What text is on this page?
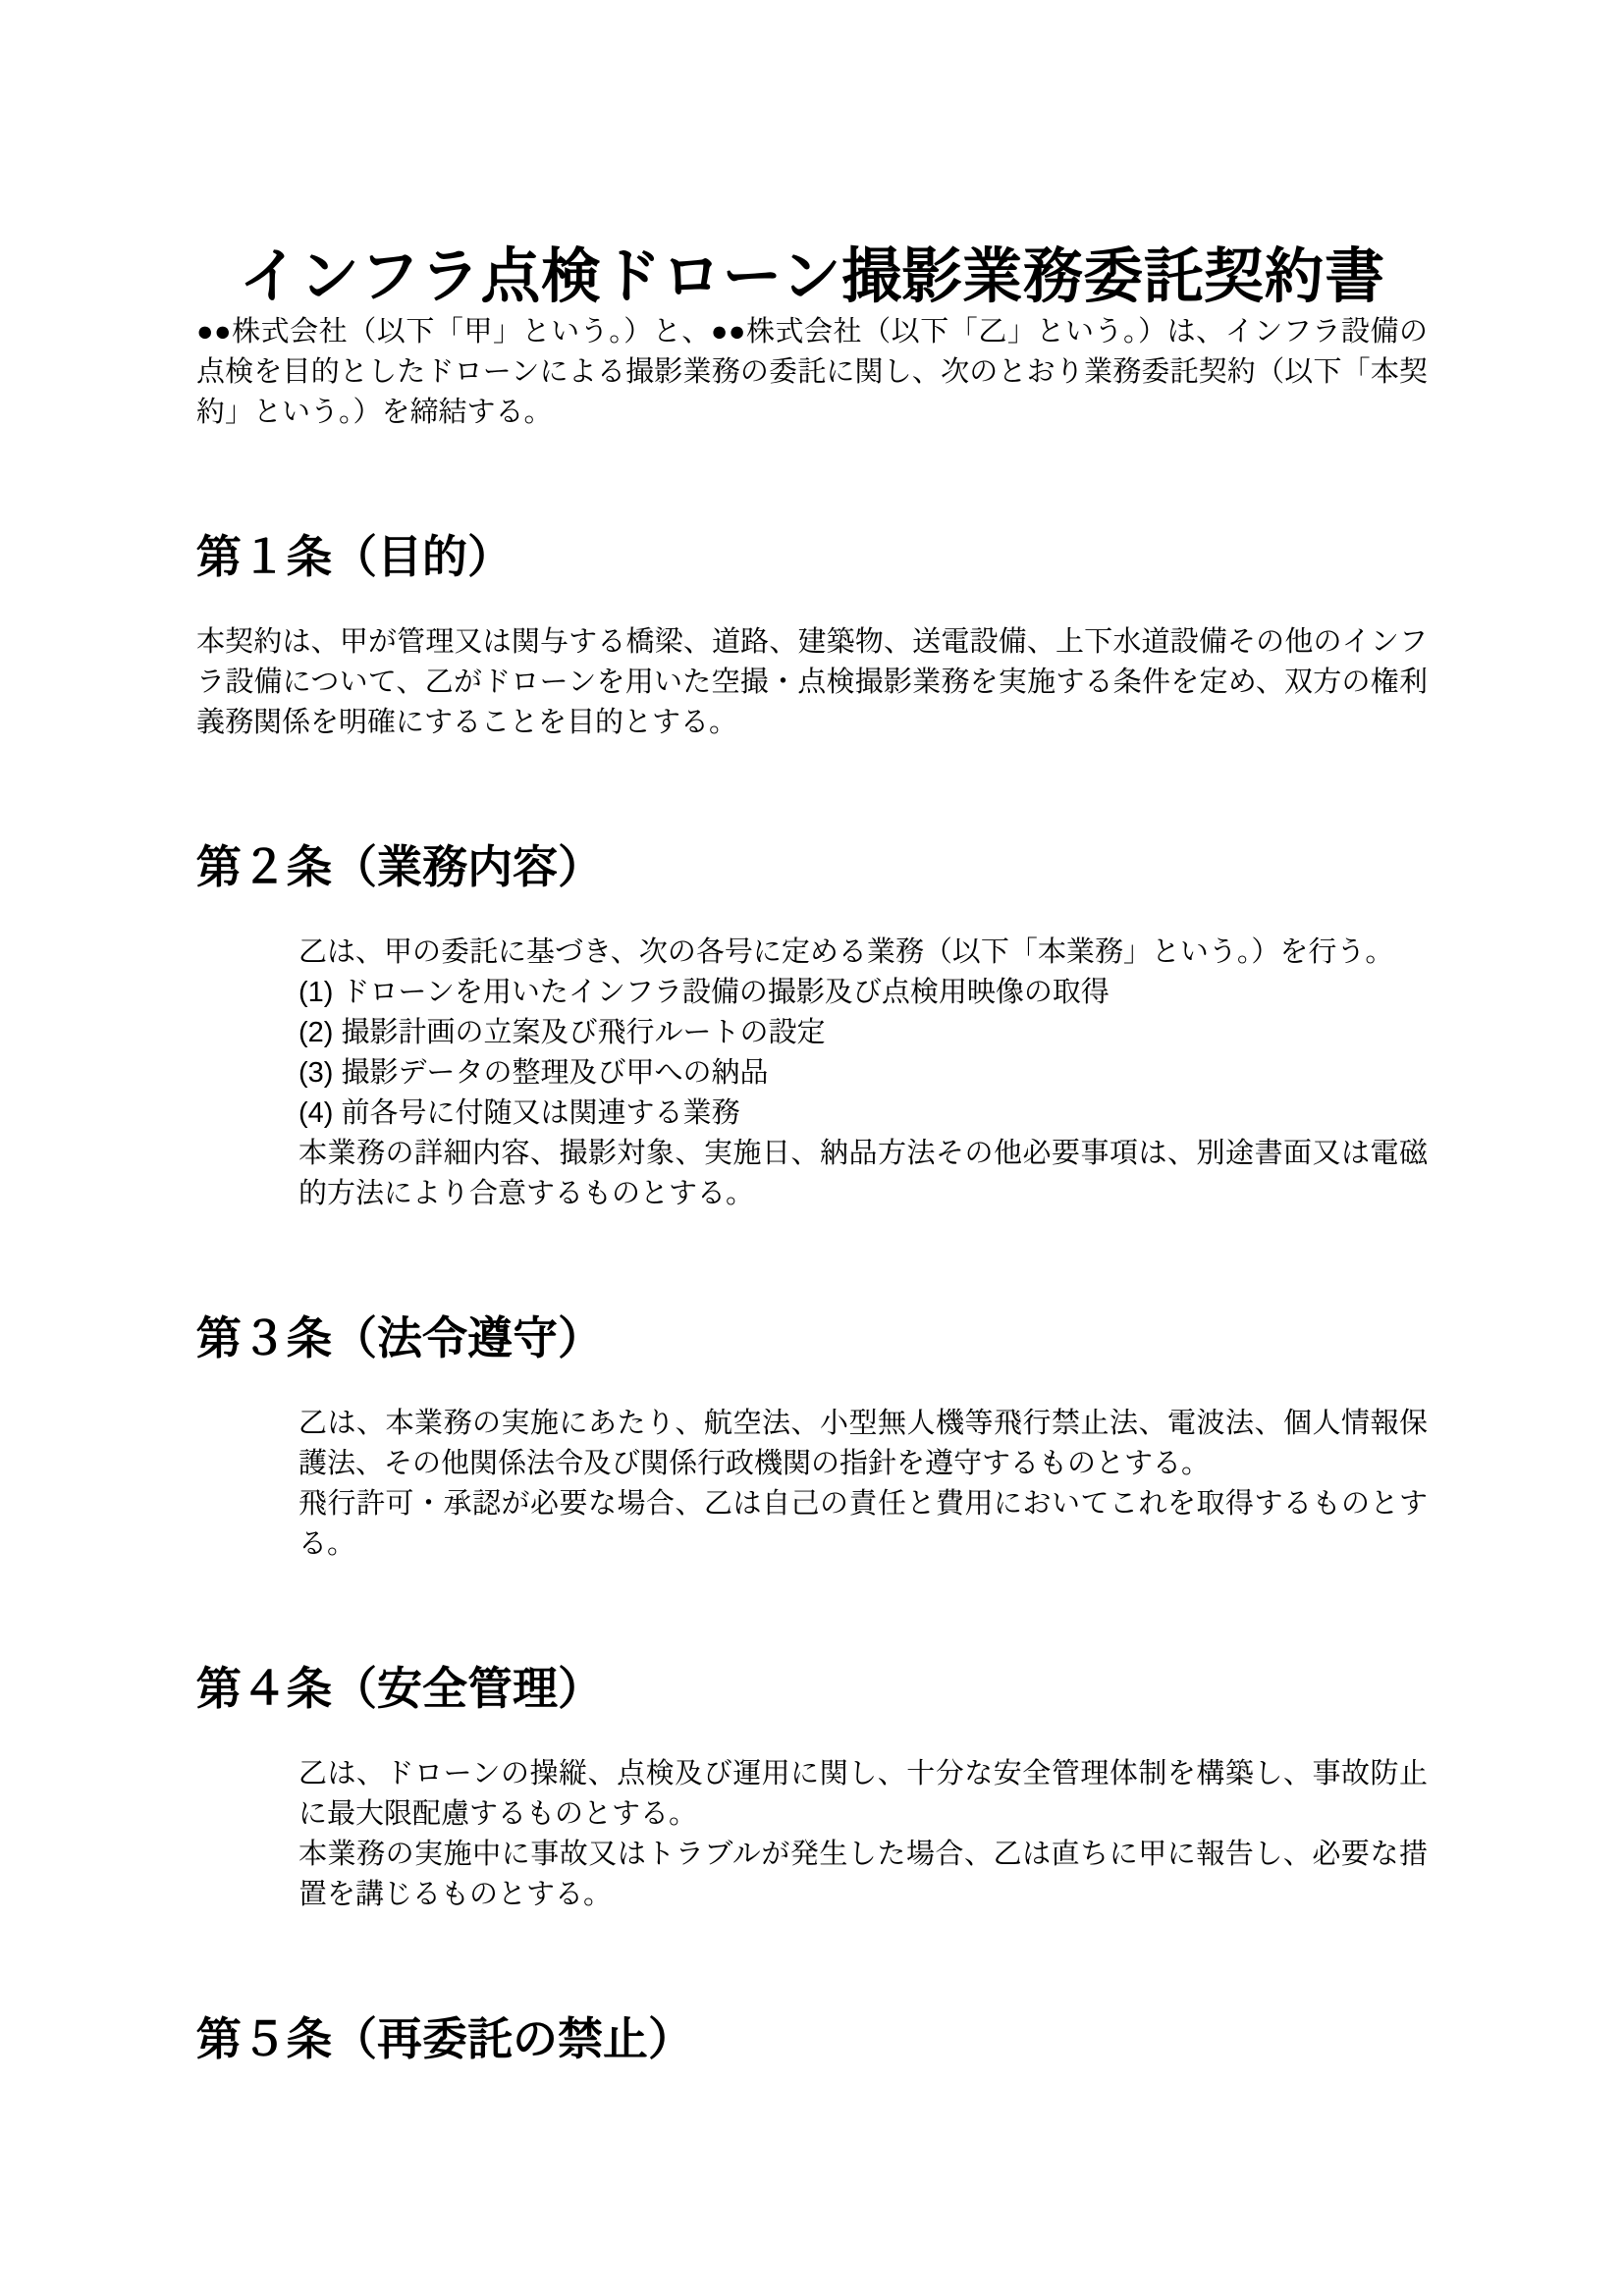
インフラ点検ドローン撮影業務委託契約書

●●株式会社（以下「甲」という。）と、●●株式会社（以下「乙」という。）は、インフラ設備の点検を目的としたドローンによる撮影業務の委託に関し、次のとおり業務委託契約（以下「本契約」という。）を締結する。

第１条（目的）

本契約は、甲が管理又は関与する橋梁、道路、建築物、送電設備、上下水道設備その他のインフラ設備について、乙がドローンを用いた空撮・点検撮影業務を実施する条件を定め、双方の権利義務関係を明確にすることを目的とする。

第２条（業務内容）

乙は、甲の委託に基づき、次の各号に定める業務（以下「本業務」という。）を行う。

(1) ドローンを用いたインフラ設備の撮影及び点検用映像の取得

(2) 撮影計画の立案及び飛行ルートの設定

(3) 撮影データの整理及び甲への納品

(4) 前各号に付随又は関連する業務

本業務の詳細内容、撮影対象、実施日、納品方法その他必要事項は、別途書面又は電磁的方法により合意するものとする。

第３条（法令遵守）

乙は、本業務の実施にあたり、航空法、小型無人機等飛行禁止法、電波法、個人情報保護法、その他関係法令及び関係行政機関の指針を遵守するものとする。

飛行許可・承認が必要な場合、乙は自己の責任と費用においてこれを取得するものとする。

第４条（安全管理）

乙は、ドローンの操縦、点検及び運用に関し、十分な安全管理体制を構築し、事故防止に最大限配慮するものとする。

本業務の実施中に事故又はトラブルが発生した場合、乙は直ちに甲に報告し、必要な措置を講じるものとする。

第５条（再委託の禁止）
